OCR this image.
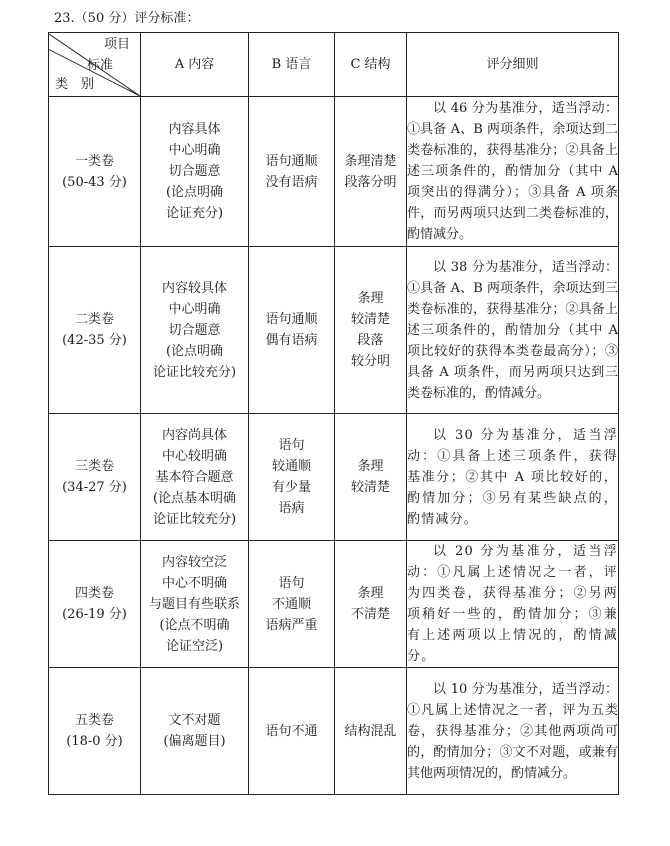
23.（50 分）评分标准：
项目
标准
类　别	A 内容	B 语言	C 结构	评分细则

一类卷
(50-43 分)	内容具体
中心明确
切合题意
(论点明确
论证充分)	语句通顺
没有语病	条理清楚
段落分明	以 46 分为基准分，适当浮动：①具备 A、B 两项条件，余项达到二类卷标准的，获得基准分；②具备上述三项条件的，酌情加分（其中 A 项突出的得满分）；③具备 A 项条件，而另两项只达到二类卷标准的，酌情减分。

二类卷
(42-35 分)	内容较具体
中心明确
切合题意
(论点明确
论证比较充分)	语句通顺
偶有语病	条理
较清楚
段落
较分明	以 38 分为基准分，适当浮动：①具备 A、B 两项条件，余项达到三类卷标准的，获得基准分；②具备上述三项条件的，酌情加分（其中 A 项比较好的获得本类卷最高分）；③具备 A 项条件，而另两项只达到三类卷标准的，酌情减分。

三类卷
(34-27 分)	内容尚具体
中心较明确
基本符合题意
(论点基本明确
论证比较充分)	语句
较通顺
有少量
语病	条理
较清楚	以 30 分为基准分，适当浮动：①具备上述三项条件，获得基准分；②其中 A 项比较好的，酌情加分；③另有某些缺点的，酌情减分。

四类卷
(26-19 分)	内容较空泛
中心不明确
与题目有些联系
(论点不明确
论证空泛)	语句
不通顺
语病严重	条理
不清楚	以 20 分为基准分，适当浮动：①凡属上述情况之一者，评为四类卷，获得基准分；②另两项稍好一些的，酌情加分；③兼有上述两项以上情况的，酌情减分。

五类卷
(18-0 分)	文不对题
(偏离题目)	语句不通	结构混乱	以 10 分为基准分，适当浮动：①凡属上述情况之一者，评为五类卷，获得基准分；②其他两项尚可的，酌情加分；③文不对题，或兼有其他两项情况的，酌情减分。
